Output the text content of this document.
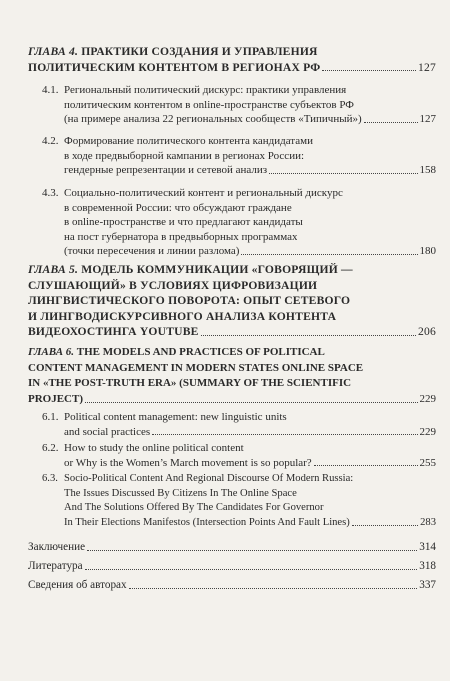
ГЛАВА 4. ПРАКТИКИ СОЗДАНИЯ И УПРАВЛЕНИЯ
ПОЛИТИЧЕСКИМ КОНТЕНТОМ В РЕГИОНАХ РФ	127
4.1. Региональный политический дискурс: практики управления
политическим контентом в online-пространстве субъектов РФ
(на примере анализа 22 региональных сообществ «Типичный»)	127
4.2. Формирование политического контента кандидатами
в ходе предвыборной кампании в регионах России:
гендерные репрезентации и сетевой анализ	158
4.3. Социально-политический контент и региональный дискурс
в современной России: что обсуждают граждане
в online-пространстве и что предлагают кандидаты
на пост губернатора в предвыборных программах
(точки пересечения и линии разлома)	180
ГЛАВА 5. МОДЕЛЬ КОММУНИКАЦИИ «ГОВОРЯЩИЙ —
СЛУШАЮЩИЙ» В УСЛОВИЯХ ЦИФРОВИЗАЦИИ
ЛИНГВИСТИЧЕСКОГО ПОВОРОТА: ОПЫТ СЕТЕВОГО
И ЛИНГВОДИСКУРСИВНОГО АНАЛИЗА КОНТЕНТА
ВИДЕОХОСТИНГА YOUTUBE	206
ГЛАВА 6. THE MODELS AND PRACTICES OF POLITICAL
CONTENT MANAGEMENT IN MODERN STATES ONLINE SPACE
IN «THE POST-TRUTH ERA» (SUMMARY OF THE SCIENTIFIC
PROJECT)	229
6.1. Political content management: new linguistic units
and social practices	229
6.2. How to study the online political content
or Why is the Women’s March movement is so popular?	255
6.3. Socio-Political Content And Regional Discourse Of Modern Russia:
The Issues Discussed By Citizens In The Online Space
And The Solutions Offered By The Candidates For Governor
In Their Elections Manifestos (Intersection Points And Fault Lines)	283
Заключение	314
Литература	318
Сведения об авторах	337
